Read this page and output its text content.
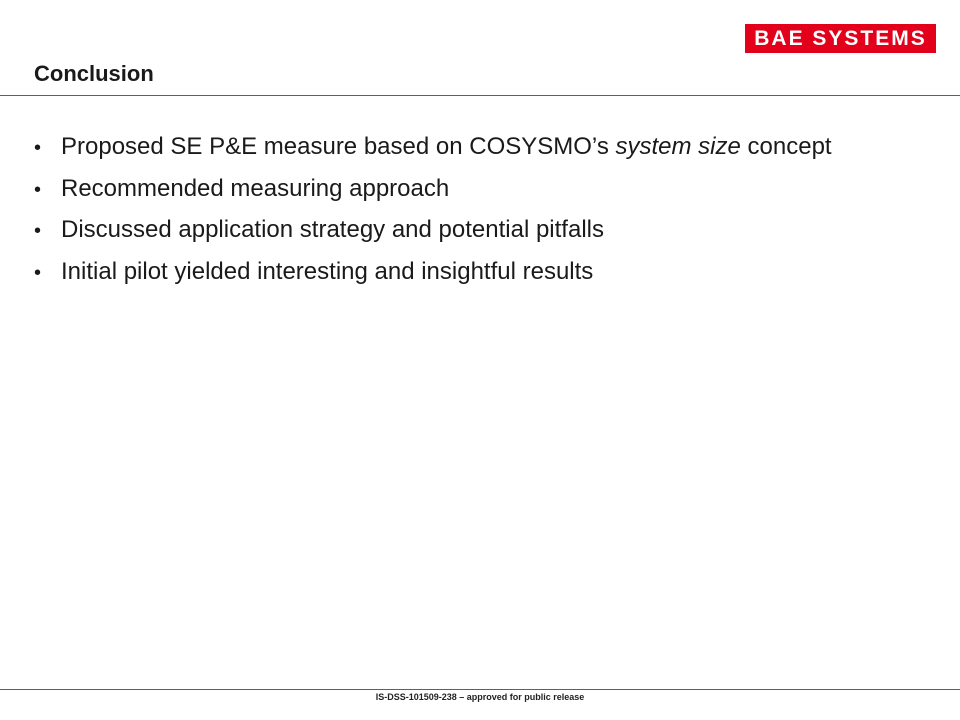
Conclusion
BAE SYSTEMS
• Proposed SE P&E measure based on COSYSMO’s system size concept
• Recommended measuring approach
• Discussed application strategy and potential pitfalls
• Initial pilot yielded interesting and insightful results
IS-DSS-101509-238 – approved for public release
